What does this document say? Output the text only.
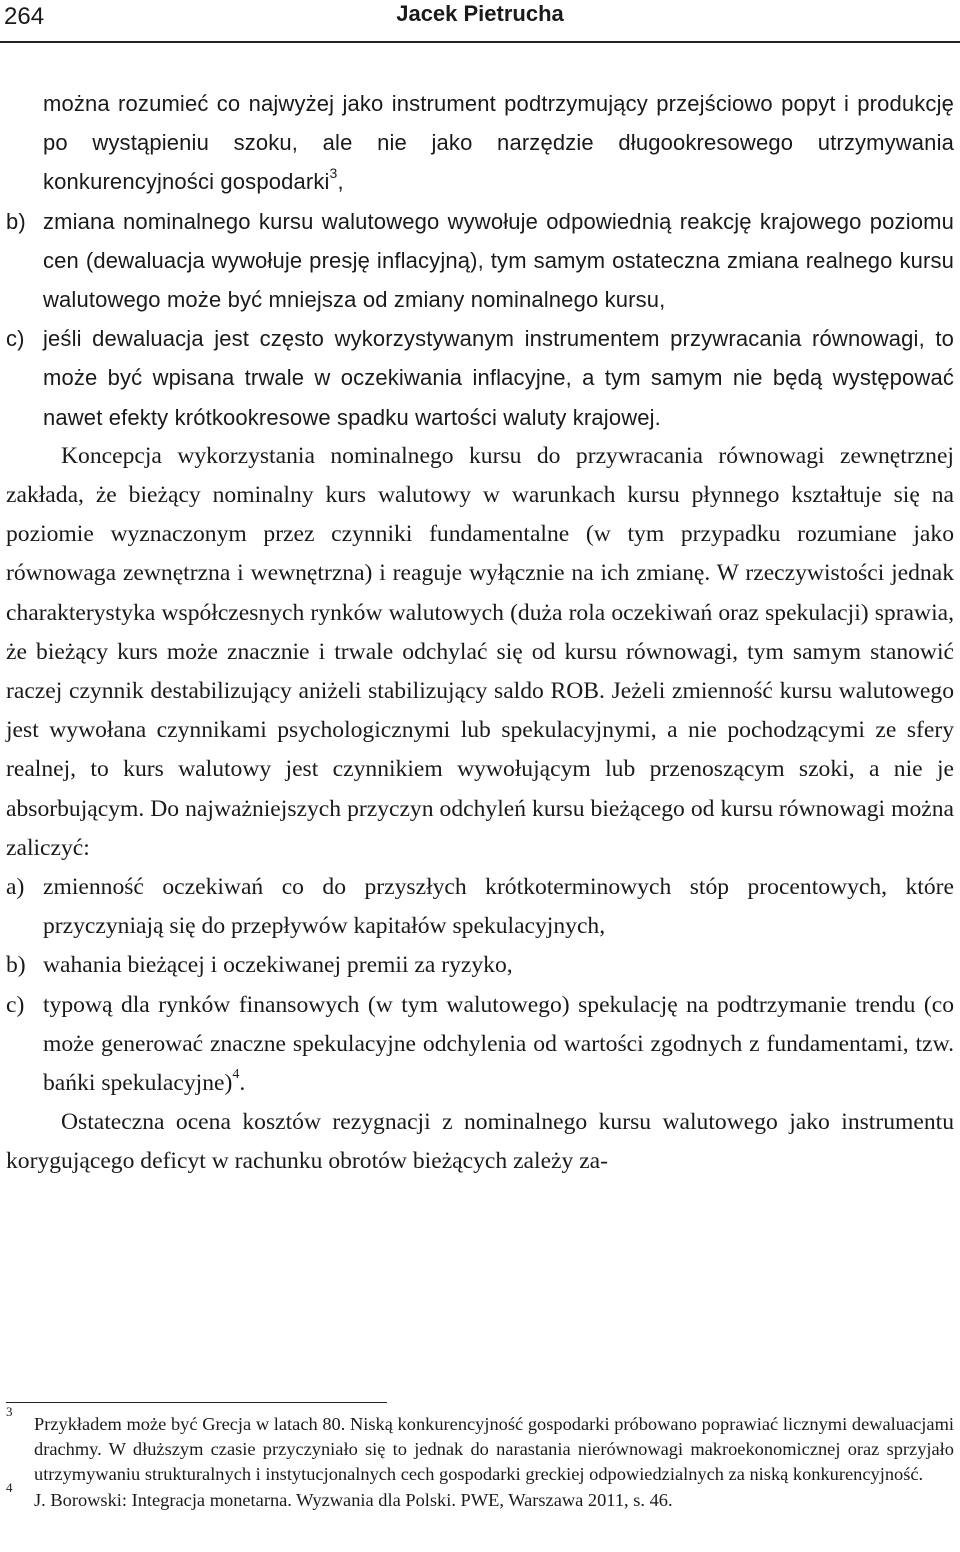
264	Jacek Pietrucha

można rozumieć co najwyżej jako instrument podtrzymujący przejściowo popyt i produkcję po wystąpieniu szoku, ale nie jako narzędzie długookresowego utrzymywania konkurencyjności gospodarki$^3$,

b) zmiana nominalnego kursu walutowego wywołuje odpowiednią reakcję krajowego poziomu cen (dewaluacja wywołuje presję inflacyjną), tym samym ostateczna zmiana realnego kursu walutowego może być mniejsza od zmiany nominalnego kursu,

c) jeśli dewaluacja jest często wykorzystywanym instrumentem przywracania równowagi, to może być wpisana trwale w oczekiwania inflacyjne, a tym samym nie będą występować nawet efekty krótkookresowe spadku wartości waluty krajowej.

Koncepcja wykorzystania nominalnego kursu do przywracania równowagi zewnętrznej zakłada, że bieżący nominalny kurs walutowy w warunkach kursu płynnego kształtuje się na poziomie wyznaczonym przez czynniki fundamentalne (w tym przypadku rozumiane jako równowaga zewnętrzna i wewnętrzna) i reaguje wyłącznie na ich zmianę. W rzeczywistości jednak charakterystyka współczesnych rynków walutowych (duża rola oczekiwań oraz spekulacji) sprawia, że bieżący kurs może znacznie i trwale odchylać się od kursu równowagi, tym samym stanowić raczej czynnik destabilizujący aniżeli stabilizujący saldo ROB. Jeżeli zmienność kursu walutowego jest wywołana czynnikami psychologicznymi lub spekulacyjnymi, a nie pochodzącymi ze sfery realnej, to kurs walutowy jest czynnikiem wywołującym lub przenoszącym szoki, a nie je absorbującym. Do najważniejszych przyczyn odchyleń kursu bieżącego od kursu równowagi można zaliczyć:

a) zmienność oczekiwań co do przyszłych krótkoterminowych stóp procentowych, które przyczyniają się do przepływów kapitałów spekulacyjnych,

b) wahania bieżącej i oczekiwanej premii za ryzyko,

c) typową dla rynków finansowych (w tym walutowego) spekulację na podtrzymanie trendu (co może generować znaczne spekulacyjne odchylenia od wartości zgodnych z fundamentami, tzw. bańki spekulacyjne)$^4$.

Ostateczna ocena kosztów rezygnacji z nominalnego kursu walutowego jako instrumentu korygującego deficyt w rachunku obrotów bieżących zależy za-

3
Przykładem może być Grecja w latach 80. Niską konkurencyjność gospodarki próbowano poprawiać licznymi dewaluacjami drachmy. W dłuższym czasie przyczyniało się to jednak do narastania nierównowagi makroekonomicznej oraz sprzyjało utrzymywaniu strukturalnych i instytucjonalnych cech gospodarki greckiej odpowiedzialnych za niską konkurencyjność.

4
J. Borowski: Integracja monetarna. Wyzwania dla Polski. PWE, Warszawa 2011, s. 46.
